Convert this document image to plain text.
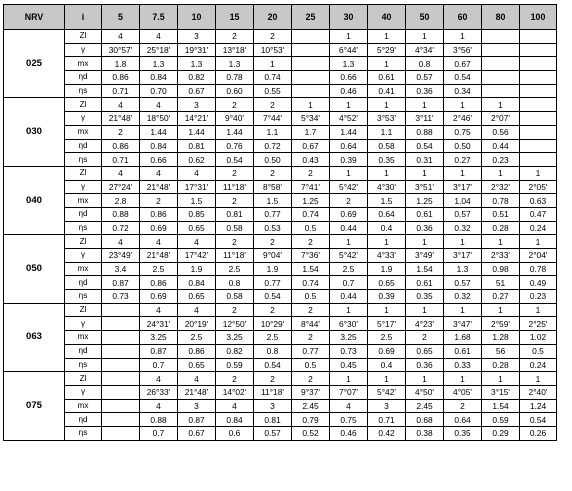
NRV	i	5	7.5	10	15	20	25	30	40	50	60	80	100
025	Zl	4	4	3	2	2		1	1	1	1		
	γ	30°57'	25°18'	19°31'	13°18'	10°53'		6°44'	5°29'	4°34'	3°56'		
	mx	1.8	1.3	1.3	1.3	1		1.3	1	0.8	0.67		
	ηd	0.86	0.84	0.82	0.78	0.74		0.66	0.61	0.57	0.54		
	ηs	0.71	0.70	0.67	0.60	0.55		0.46	0.41	0.36	0.34		
030	Zl	4	4	3	2	2	1	1	1	1	1	1	
	γ	21°48'	18°50'	14°21'	9°40'	7°44'	5°34'	4°52'	3°53'	3°11'	2°46'	2°07'	
	mx	2	1.44	1.44	1.44	1.1	1.7	1.44	1.1	0.88	0.75	0.56	
	ηd	0.86	0.84	0.81	0.76	0.72	0.67	0.64	0.58	0.54	0.50	0.44	
	ηs	0.71	0.66	0.62	0.54	0.50	0.43	0.39	0.35	0.31	0.27	0.23	
040	Zl	4	4	4	2	2	2	1	1	1	1	1	1
	γ	27°24'	21°48'	17°31'	11°18'	8°58'	7°41'	5°42'	4°30'	3°51'	3°17'	2°32'	2°05'
	mx	2.8	2	1.5	2	1.5	1.25	2	1.5	1.25	1.04	0.78	0.63
	ηd	0.88	0.86	0.85	0.81	0.77	0.74	0.69	0.64	0.61	0.57	0.51	0.47
	ηs	0.72	0.69	0.65	0.58	0.53	0.5	0.44	0.4	0.36	0.32	0.28	0.24
050	Zl	4	4	4	2	2	2	1	1	1	1	1	1
	γ	23°49'	21°48'	17°42'	11°18'	9°04'	7°36'	5°42'	4°33'	3°49'	3°17'	2°33'	2°04'
	mx	3.4	2.5	1.9	2.5	1.9	1.54	2.5	1.9	1.54	1.3	0.98	0.78
	ηd	0.87	0.86	0.84	0.8	0.77	0.74	0.7	0.65	0.61	0.57	51	0.49
	ηs	0.73	0.69	0.65	0.58	0.54	0.5	0.44	0.39	0.35	0.32	0.27	0.23
063	Zl		4	4	2	2	2	1	1	1	1	1	1
	γ		24°31'	20°19'	12°50'	10°29'	8°44'	6°30'	5°17'	4°23'	3°47'	2°59'	2°25'
	mx		3.25	2.5	3.25	2.5	2	3.25	2.5	2	1.68	1.28	1.02
	ηd		0.87	0.86	0.82	0.8	0.77	0.73	0.69	0.65	0.61	56	0.5
	ηs		0.7	0.65	0.59	0.54	0.5	0.45	0.4	0.36	0.33	0.28	0.24
075	Zl		4	4	2	2	2	1	1	1	1	1	1
	γ		26°33'	21°48'	14°02'	11°18'	9°37'	7°07'	5°42'	4°50'	4°05'	3°15'	2°40'
	mx		4	3	4	3	2.45	4	3	2.45	2	1.54	1.24
	ηd		0.88	0.87	0.84	0.81	0.79	0.75	0.71	0.68	0.64	0.59	0.54
	ηs		0.7	0.67	0.6	0.57	0.52	0.46	0.42	0.38	0.35	0.29	0.26
